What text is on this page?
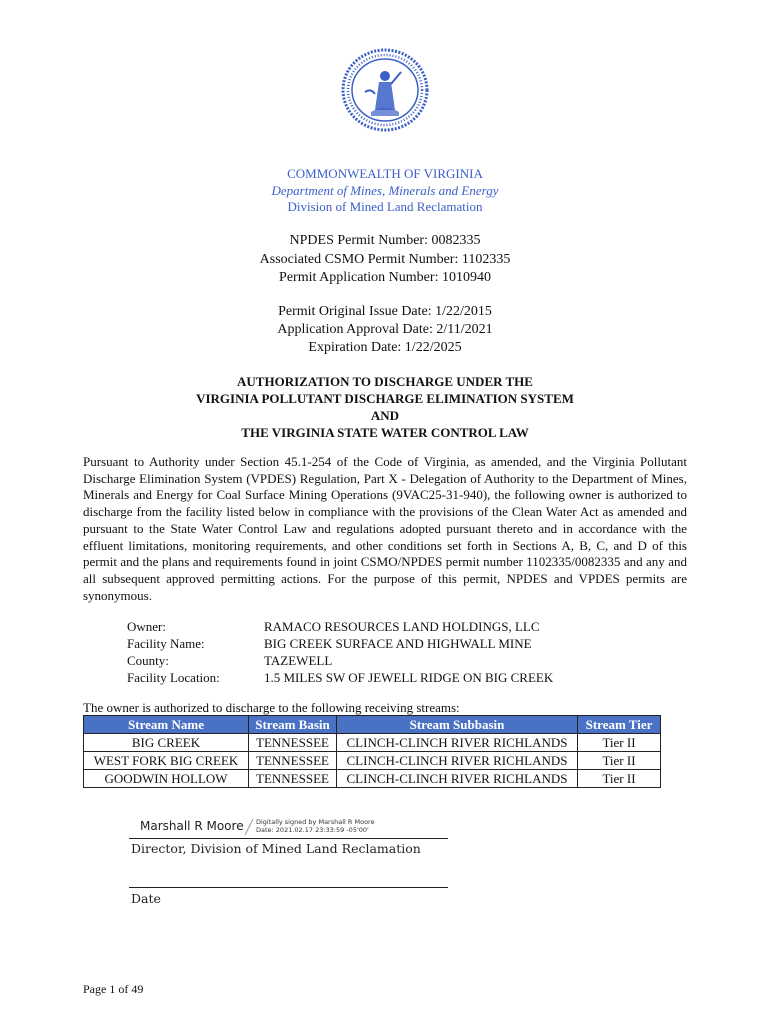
COMMONWEALTH OF VIRGINIA
Department of Mines, Minerals and Energy
Division of Mined Land Reclamation
NPDES Permit Number: 0082335
Associated CSMO Permit Number: 1102335
Permit Application Number: 1010940
Permit Original Issue Date: 1/22/2015
Application Approval Date: 2/11/2021
Expiration Date: 1/22/2025
AUTHORIZATION TO DISCHARGE UNDER THE
VIRGINIA POLLUTANT DISCHARGE ELIMINATION SYSTEM
AND
THE VIRGINIA STATE WATER CONTROL LAW
Pursuant to Authority under Section 45.1-254 of the Code of Virginia, as amended, and the Virginia Pollutant Discharge Elimination System (VPDES) Regulation, Part X - Delegation of Authority to the Department of Mines, Minerals and Energy for Coal Surface Mining Operations (9VAC25-31-940), the following owner is authorized to discharge from the facility listed below in compliance with the provisions of the Clean Water Act as amended and pursuant to the State Water Control Law and regulations adopted pursuant thereto and in accordance with the effluent limitations, monitoring requirements, and other conditions set forth in Sections A, B, C, and D of this permit and the plans and requirements found in joint CSMO/NPDES permit number 1102335/0082335 and any and all subsequent approved permitting actions. For the purpose of this permit, NPDES and VPDES permits are synonymous.
Owner:	RAMACO RESOURCES LAND HOLDINGS, LLC
Facility Name:	BIG CREEK SURFACE AND HIGHWALL MINE
County:	TAZEWELL
Facility Location:	1.5 MILES SW OF JEWELL RIDGE ON BIG CREEK
The owner is authorized to discharge to the following receiving streams:
Stream Name	Stream Basin	Stream Subbasin	Stream Tier
BIG CREEK	TENNESSEE	CLINCH-CLINCH RIVER RICHLANDS	Tier II
WEST FORK BIG CREEK	TENNESSEE	CLINCH-CLINCH RIVER RICHLANDS	Tier II
GOODWIN HOLLOW	TENNESSEE	CLINCH-CLINCH RIVER RICHLANDS	Tier II
Marshall R Moore Digitally signed by Marshall R Moore
Date: 2021.02.17 23:33:59 -05'00'
Director, Division of Mined Land Reclamation
Date
Page 1 of 49
